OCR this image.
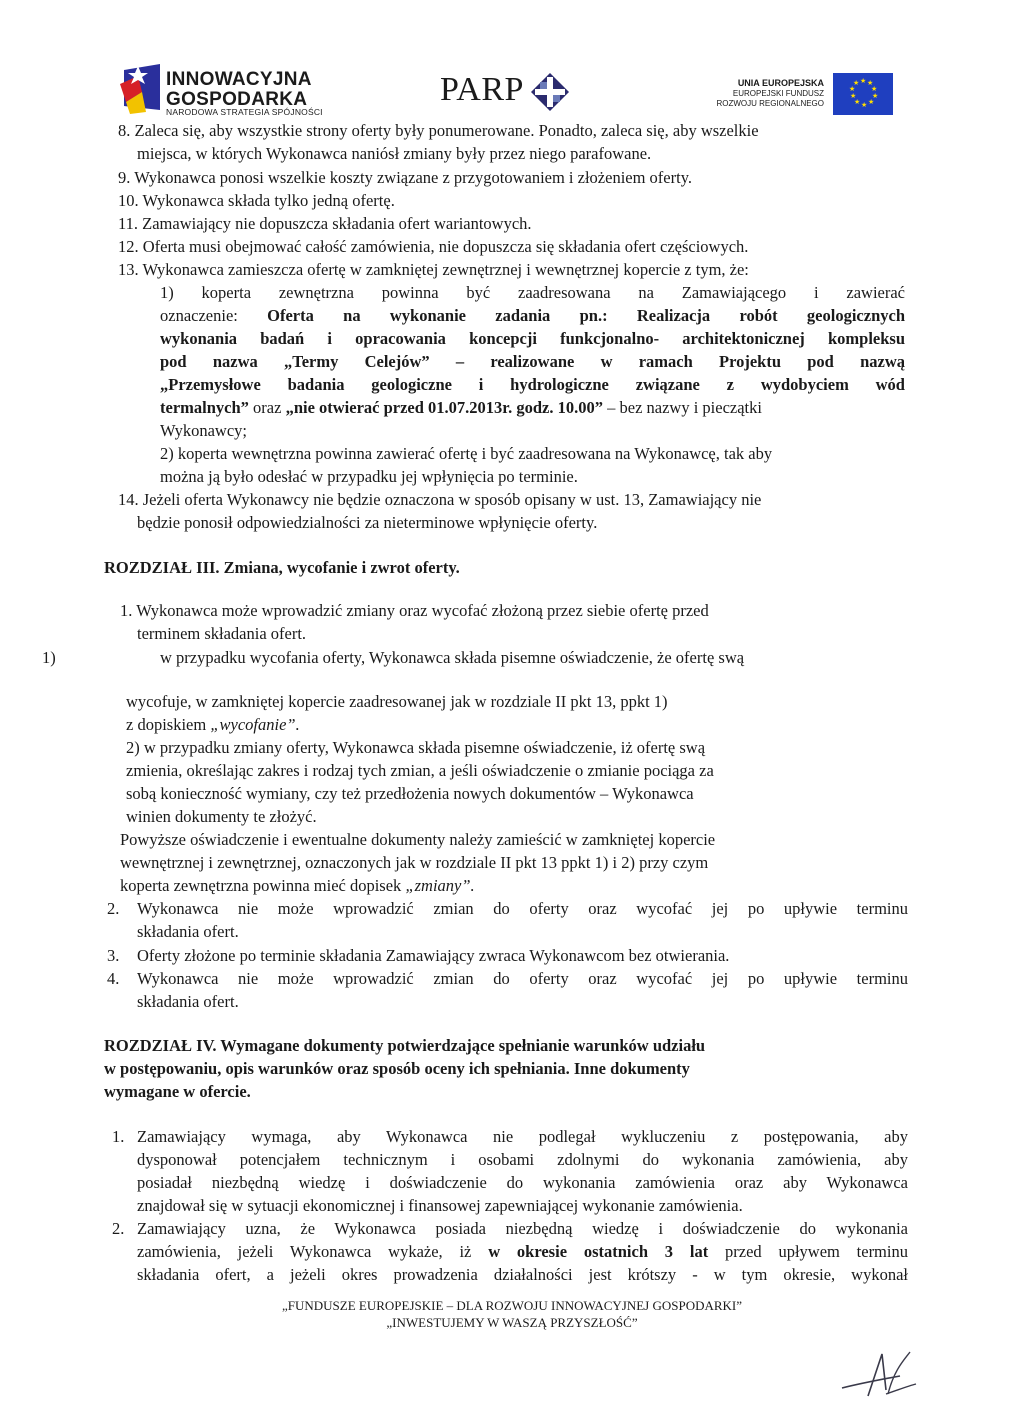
INNOWACYJNA
GOSPODARKA
NARODOWA STRATEGIA SPÓJNOŚCI
PARP	UNIA EUROPEJSKA
EUROPEJSKI FUNDUSZ
ROZWOJU REGIONALNEGO
★ ★
★
★
★
★
★
★
★
★
8. Zaleca się, aby wszystkie strony oferty były ponumerowane. Ponadto, zaleca się, aby wszelkie
miejsca, w których Wykonawca naniósł zmiany były przez niego parafowane.
9. Wykonawca ponosi wszelkie koszty związane z przygotowaniem i złożeniem oferty.
10. Wykonawca składa tylko jedną ofertę.
11. Zamawiający nie dopuszcza składania ofert wariantowych.
12. Oferta musi obejmować całość zamówienia, nie dopuszcza się składania ofert częściowych.
13. Wykonawca zamieszcza ofertę w zamkniętej zewnętrznej i wewnętrznej kopercie z tym, że:
1) koperta zewnętrzna powinna być zaadresowana na Zamawiającego i zawierać
oznaczenie: Oferta na wykonanie zadania pn.: Realizacja robót geologicznych
wykonania badań i opracowania koncepcji funkcjonalno- architektonicznej kompleksu
pod nazwa „Termy Celejów” – realizowane w ramach Projektu pod nazwą
„Przemysłowe badania geologiczne i hydrologiczne związane z wydobyciem wód
termalnych” oraz „nie otwierać przed 01.07.2013r. godz. 10.00” – bez nazwy i pieczątki
Wykonawcy;
2) koperta wewnętrzna powinna zawierać ofertę i być zaadresowana na Wykonawcę, tak aby
można ją było odesłać w przypadku jej wpłynięcia po terminie.
14. Jeżeli oferta Wykonawcy nie będzie oznaczona w sposób opisany w ust. 13, Zamawiający nie
będzie ponosił odpowiedzialności za nieterminowe wpłynięcie oferty.
ROZDZIAŁ III. Zmiana, wycofanie i zwrot oferty.
1. Wykonawca może wprowadzić zmiany oraz wycofać złożoną przez siebie ofertę przed
terminem składania ofert.
1)	w przypadku wycofania oferty, Wykonawca składa pisemne oświadczenie, że ofertę swą
wycofuje, w zamkniętej kopercie zaadresowanej jak w rozdziale II pkt 13, ppkt 1)
z dopiskiem „wycofanie”.
2) w przypadku zmiany oferty, Wykonawca składa pisemne oświadczenie, iż ofertę swą
zmienia, określając zakres i rodzaj tych zmian, a jeśli oświadczenie o zmianie pociąga za
sobą konieczność wymiany, czy też przedłożenia nowych dokumentów – Wykonawca
winien dokumenty te złożyć.
Powyższe oświadczenie i ewentualne dokumenty należy zamieścić w zamkniętej kopercie
wewnętrznej i zewnętrznej, oznaczonych jak w rozdziale II pkt 13 ppkt 1) i 2) przy czym
koperta zewnętrzna powinna mieć dopisek „zmiany”.
2. Wykonawca nie może wprowadzić zmian do oferty oraz wycofać jej po upływie terminu
składania ofert.
3. Oferty złożone po terminie składania Zamawiający zwraca Wykonawcom bez otwierania.
4. Wykonawca nie może wprowadzić zmian do oferty oraz wycofać jej po upływie terminu
składania ofert.
ROZDZIAŁ IV. Wymagane dokumenty potwierdzające spełnianie warunków udziału
w postępowaniu, opis warunków oraz sposób oceny ich spełniania. Inne dokumenty
wymagane w ofercie.
1. Zamawiający wymaga, aby Wykonawca nie podlegał wykluczeniu z postępowania, aby
dysponował potencjałem technicznym i osobami zdolnymi do wykonania zamówienia, aby
posiadał niezbędną wiedzę i doświadczenie do wykonania zamówienia oraz aby Wykonawca
znajdował się w sytuacji ekonomicznej i finansowej zapewniającej wykonanie zamówienia.
2. Zamawiający uzna, że Wykonawca posiada niezbędną wiedzę i doświadczenie do wykonania
zamówienia, jeżeli Wykonawca wykaże, iż w okresie ostatnich 3 lat przed upływem terminu
składania ofert, a jeżeli okres prowadzenia działalności jest krótszy - w tym okresie, wykonał
„FUNDUSZE EUROPEJSKIE – DLA ROZWOJU INNOWACYJNEJ GOSPODARKI”
„INWESTUJEMY W WASZĄ PRZYSZŁOŚĆ”
